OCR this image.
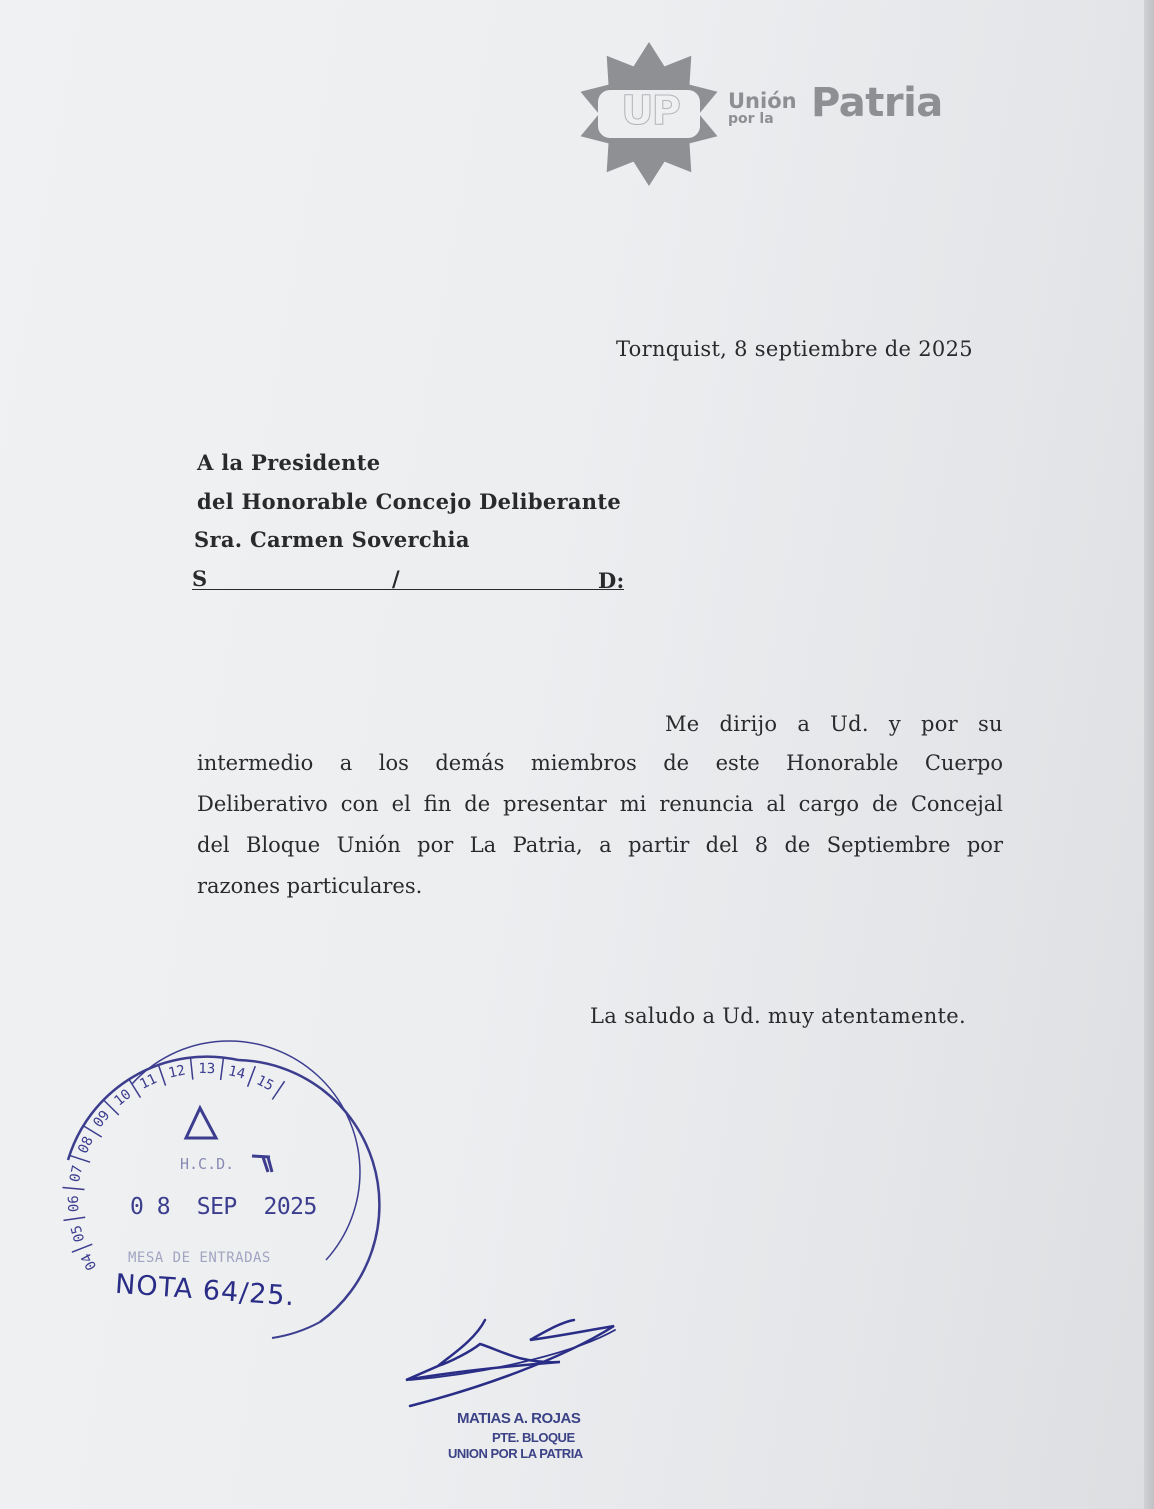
UP	Unión
por la Patria
Tornquist, 8 septiembre de 2025
A la Presidente
del Honorable Concejo Deliberante
Sra. Carmen Soverchia
S	/	D:
Me dirijo a Ud. y por su
intermedio a los demás miembros de este Honorable Cuerpo
Deliberativo con el fin de presentar mi renuncia al cargo de Concejal
del Bloque Unión por La Patria, a partir del 8 de Septiembre por
razones particulares.
La saludo a Ud. muy atentamente.
04
05
06
07
08
09
10
11 12 13 14 15
H.C.D.
0 8  SEP  2025
MESA DE ENTRADAS
NOTA 64/25.
MATIAS A. ROJAS
PTE. BLOQUE
UNION POR LA PATRIA
